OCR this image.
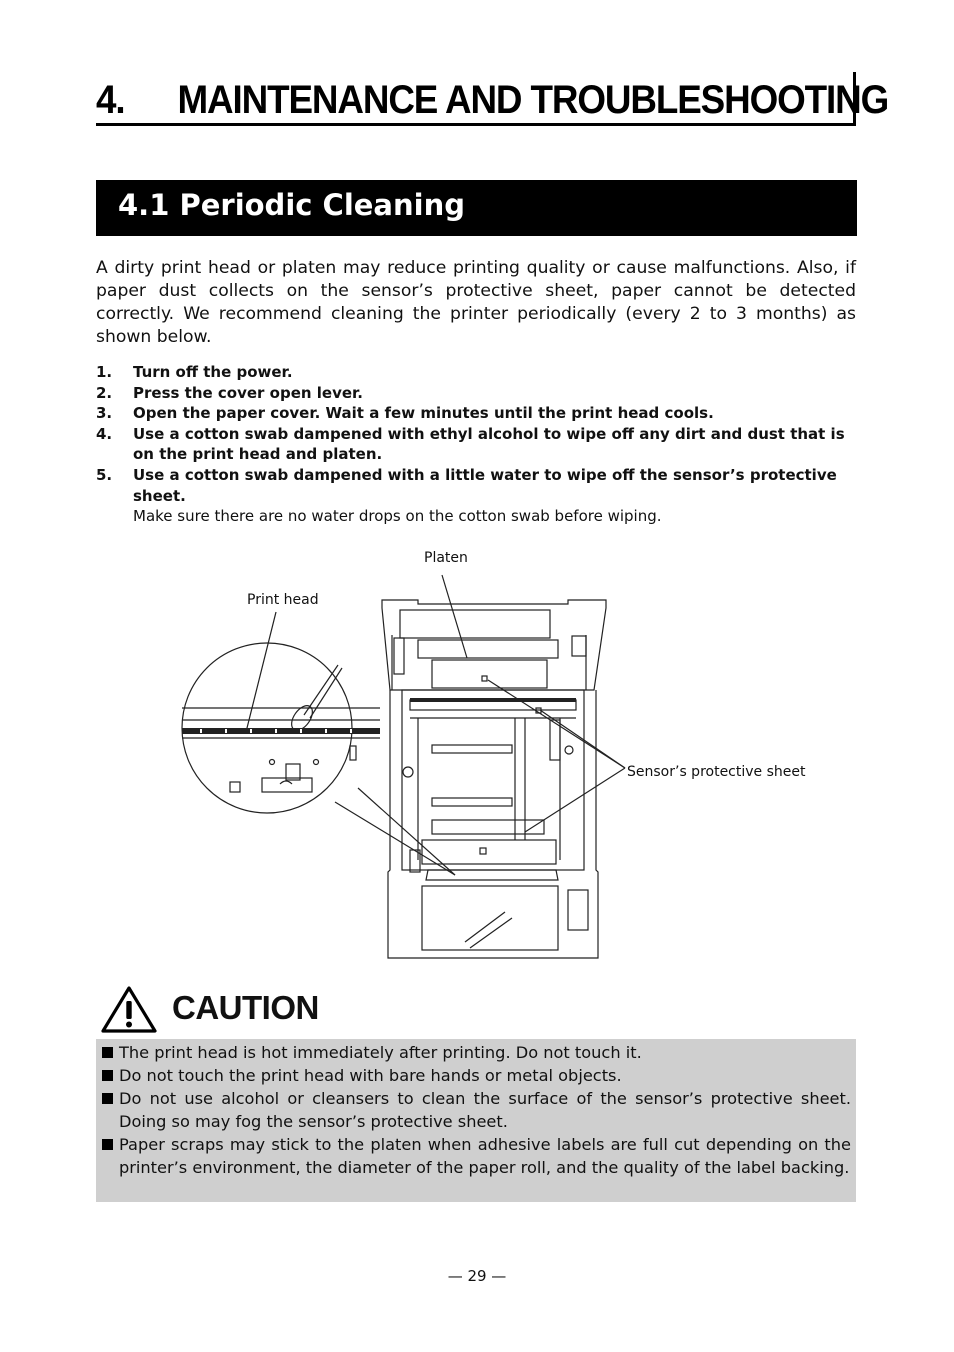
4.  MAINTENANCE AND TROUBLESHOOTING
4.1 Periodic Cleaning

A dirty print head or platen may reduce printing quality or cause malfunctions. Also, if paper dust collects on the sensor’s protective sheet, paper cannot be detected correctly. We recommend cleaning the printer periodically (every 2 to 3 months) as shown below.

1. Turn off the power.
2. Press the cover open lever.
3. Open the paper cover. Wait a few minutes until the print head cools.
4. Use a cotton swab dampened with ethyl alcohol to wipe off any dirt and dust that is on the print head and platen.
5. Use a cotton swab dampened with a little water to wipe off the sensor’s protective sheet.
Make sure there are no water drops on the cotton swab before wiping.
Platen
Print head
Sensor’s protective sheet
CAUTION
The print head is hot immediately after printing. Do not touch it.
Do not touch the print head with bare hands or metal objects.
Do not use alcohol or cleansers to clean the surface of the sensor’s protective sheet. Doing so may fog the sensor’s protective sheet.
Paper scraps may stick to the platen when adhesive labels are full cut depending on the printer’s environment, the diameter of the paper roll, and the quality of the label backing.
— 29 —
